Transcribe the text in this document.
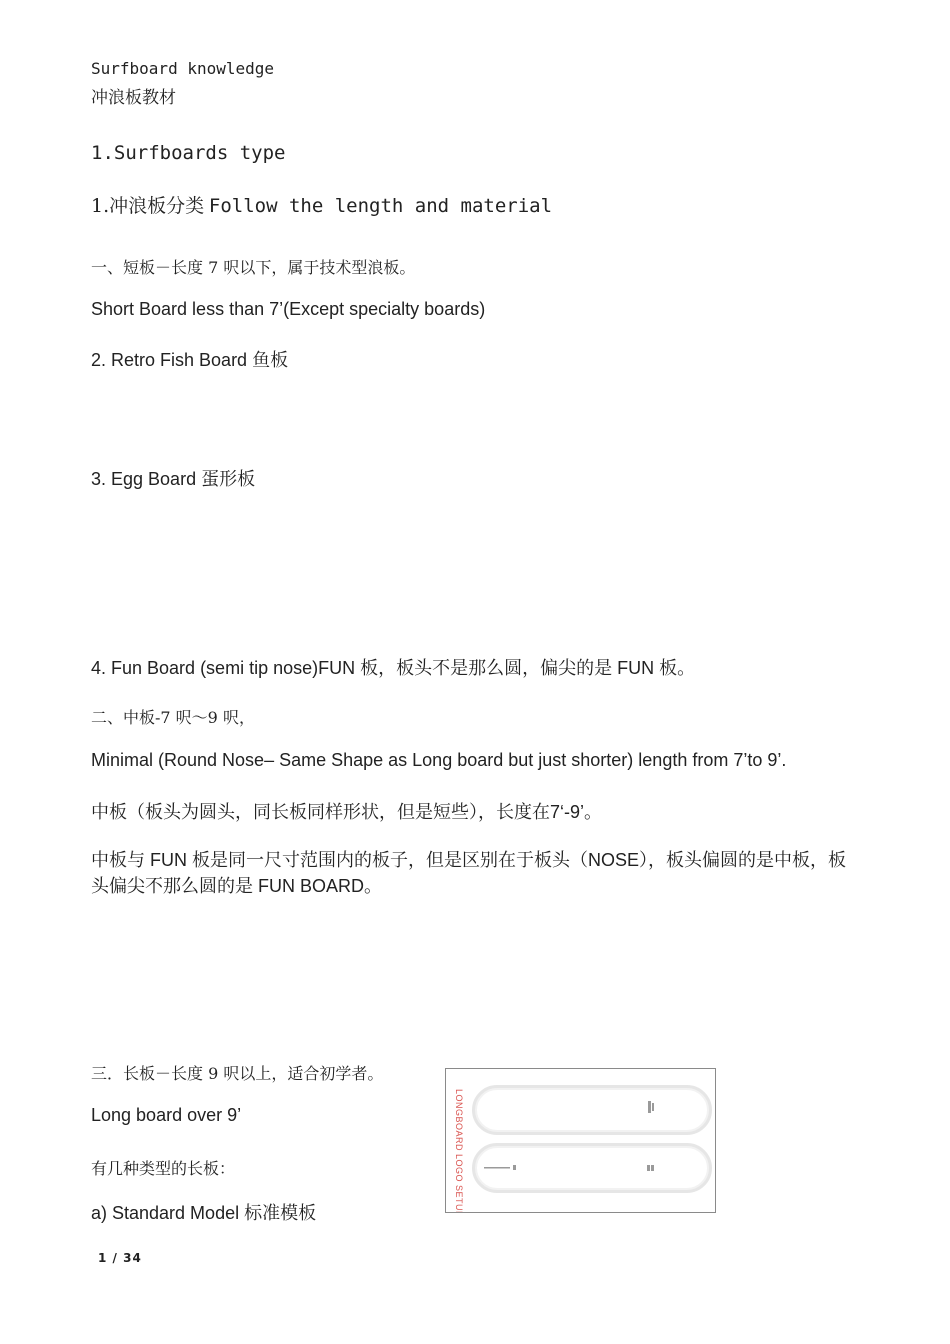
Surfboard knowledge
冲浪板教材
1.Surfboards type
1.冲浪板分类 Follow the length and material
一、短板－长度 7 呎以下，属于技术型浪板。
Short Board less than 7’(Except specialty boards)
2. Retro Fish Board 鱼板
3. Egg Board 蛋形板
4. Fun Board (semi tip nose)FUN 板，板头不是那么圆，偏尖的是 FUN 板。
二、中板-7 呎～9 呎，
Minimal (Round Nose– Same Shape as Long board but just shorter) length from 7’to 9’.
中板（板头为圆头，同长板同样形状，但是短些），长度在7‘-9’。
中板与 FUN 板是同一尺寸范围内的板子，但是区别在于板头（NOSE），板头偏圆的是中板，板
头偏尖不那么圆的是 FUN BOARD。
三．长板－长度 9 呎以上，适合初学者。
Long board over 9’
有几种类型的长板：
a) Standard Model 标准模板	LONGBOARD LOGO SETUP
1 / 34
